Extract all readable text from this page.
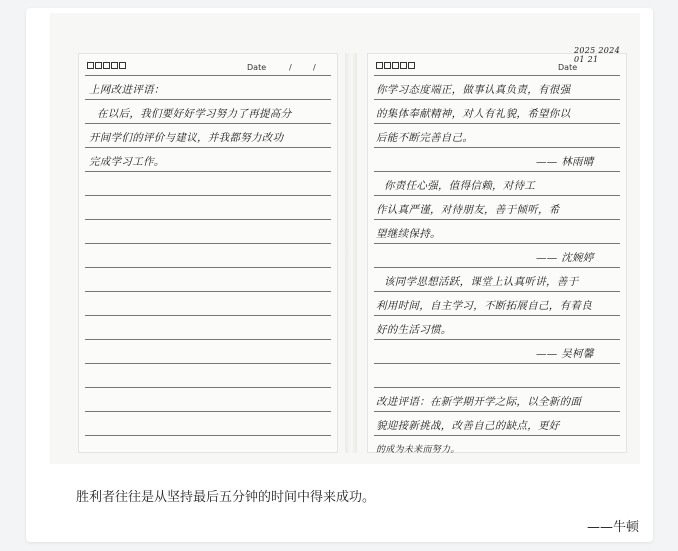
Date	/	/
上网改进评语：
在以后，我们要好好学习努力了再提高分
开间学们的评价与建议，并我都努力改功
完成学习工作。
Date
2025 2024 01 21
你学习态度端正，做事认真负责，有很强
的集体奉献精神，对人有礼貌，希望你以
后能不断完善自己。
—— 林雨晴
你责任心强，值得信赖，对待工
作认真严谨，对待朋友，善于倾听，希
望继续保持。
—— 沈婉婷
该同学思想活跃，课堂上认真听讲，善于
利用时间，自主学习，不断拓展自己，有着良
好的生活习惯。
—— 吴柯馨
改进评语：在新学期开学之际，以全新的面
貌迎接新挑战，改善自己的缺点，更好
的成为未来而努力。

胜利者往往是从坚持最后五分钟的时间中得来成功。

——牛顿
